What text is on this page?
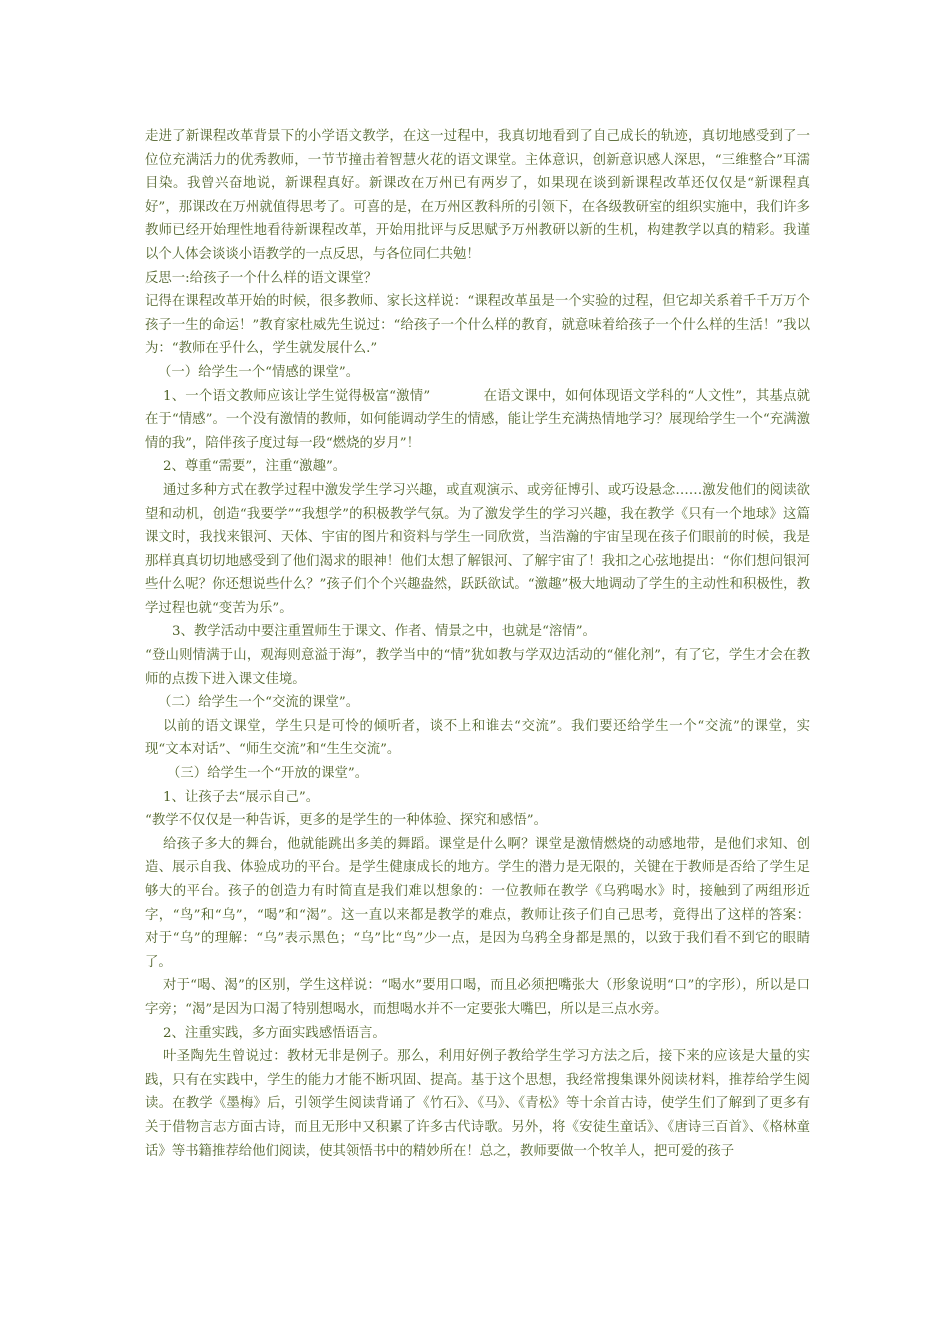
走进了新课程改革背景下的小学语文教学，在这一过程中，我真切地看到了自己成长的轨迹，真切地感受到了一位位充满活力的优秀教师，一节节撞击着智慧火花的语文课堂。主体意识，创新意识感人深思，“三维整合”耳濡目染。我曾兴奋地说，新课程真好。新课改在万州已有两岁了，如果现在谈到新课程改革还仅仅是“新课程真好”，那课改在万州就值得思考了。可喜的是，在万州区教科所的引领下，在各级教研室的组织实施中，我们许多教师已经开始理性地看待新课程改革，开始用批评与反思赋予万州教研以新的生机，构建教学以真的精彩。我谨以个人体会谈谈小语教学的一点反思，与各位同仁共勉！

反思一:给孩子一个什么样的语文课堂？

记得在课程改革开始的时候，很多教师、家长这样说：“课程改革虽是一个实验的过程，但它却关系着千千万万个孩子一生的命运！”教育家杜威先生说过：“给孩子一个什么样的教育，就意味着给孩子一个什么样的生活！”我以为：“教师在乎什么，学生就发展什么.”

（一）给学生一个“情感的课堂”。

1、一个语文教师应该让学生觉得极富“激情”            在语文课中，如何体现语文学科的“人文性”，其基点就在于“情感”。一个没有激情的教师，如何能调动学生的情感，能让学生充满热情地学习？展现给学生一个“充满激情的我”，陪伴孩子度过每一段“燃烧的岁月”！

2、尊重“需要”，注重“激趣”。

通过多种方式在教学过程中激发学生学习兴趣，或直观演示、或旁征博引、或巧设悬念……激发他们的阅读欲望和动机，创造“我要学”“我想学”的积极教学气氛。为了激发学生的学习兴趣，我在教学《只有一个地球》这篇课文时，我找来银河、天体、宇宙的图片和资料与学生一同欣赏，当浩瀚的宇宙呈现在孩子们眼前的时候，我是那样真真切切地感受到了他们渴求的眼神！他们太想了解银河、了解宇宙了！我扣之心弦地提出：“你们想问银河些什么呢？你还想说些什么？”孩子们个个兴趣盎然，跃跃欲试。“激趣”极大地调动了学生的主动性和积极性，教学过程也就“变苦为乐”。

3、教学活动中要注重置师生于课文、作者、情景之中，也就是“溶情”。

“登山则情满于山，观海则意溢于海”，教学当中的“情”犹如教与学双边活动的“催化剂”，有了它，学生才会在教师的点拨下进入课文佳境。

（二）给学生一个“交流的课堂”。

以前的语文课堂，学生只是可怜的倾听者，谈不上和谁去“交流”。我们要还给学生一个“交流”的课堂，实现“文本对话”、“师生交流”和“生生交流”。

（三）给学生一个“开放的课堂”。

1、让孩子去“展示自己”。

“教学不仅仅是一种告诉，更多的是学生的一种体验、探究和感悟”。

给孩子多大的舞台，他就能跳出多美的舞蹈。课堂是什么啊？课堂是激情燃烧的动感地带，是他们求知、创造、展示自我、体验成功的平台。是学生健康成长的地方。学生的潜力是无限的，关键在于教师是否给了学生足够大的平台。孩子的创造力有时简直是我们难以想象的：一位教师在教学《乌鸦喝水》时，接触到了两组形近字，“鸟”和“乌”，“喝”和“渴”。这一直以来都是教学的难点，教师让孩子们自己思考，竟得出了这样的答案：            对于“乌”的理解：“乌”表示黑色；“乌”比“鸟”少一点，是因为乌鸦全身都是黑的，以致于我们看不到它的眼睛了。

对于“喝、渴”的区别，学生这样说：“喝水”要用口喝，而且必须把嘴张大（形象说明“口”的字形），所以是口字旁；“渴”是因为口渴了特别想喝水，而想喝水并不一定要张大嘴巴，所以是三点水旁。

2、注重实践，多方面实践感悟语言。

叶圣陶先生曾说过：教材无非是例子。那么，利用好例子教给学生学习方法之后，接下来的应该是大量的实践，只有在实践中，学生的能力才能不断巩固、提高。基于这个思想，我经常搜集课外阅读材料，推荐给学生阅读。在教学《墨梅》后，引领学生阅读背诵了《竹石》、《马》、《青松》等十余首古诗，使学生们了解到了更多有关于借物言志方面古诗，而且无形中又积累了许多古代诗歌。另外，将《安徒生童话》、《唐诗三百首》、《格林童话》等书籍推荐给他们阅读，使其领悟书中的精妙所在！总之，教师要做一个牧羊人，把可爱的孩子
